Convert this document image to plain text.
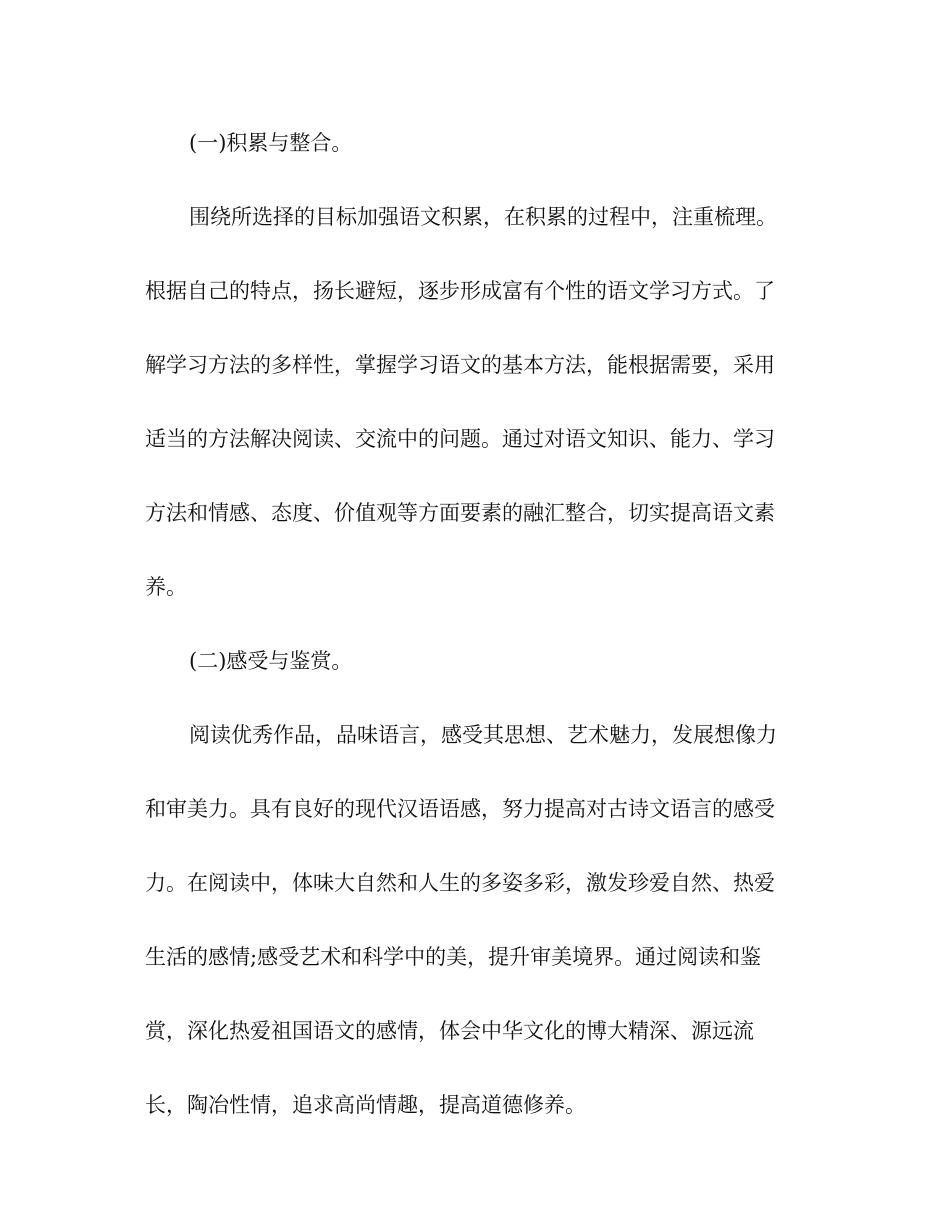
(一)积累与整合。
围绕所选择的目标加强语文积累，在积累的过程中，注重梳理。
根据自己的特点，扬长避短，逐步形成富有个性的语文学习方式。了
解学习方法的多样性，掌握学习语文的基本方法，能根据需要，采用
适当的方法解决阅读、交流中的问题。通过对语文知识、能力、学习
方法和情感、态度、价值观等方面要素的融汇整合，切实提高语文素
养。
(二)感受与鉴赏。
阅读优秀作品，品味语言，感受其思想、艺术魅力，发展想像力
和审美力。具有良好的现代汉语语感，努力提高对古诗文语言的感受
力。在阅读中，体味大自然和人生的多姿多彩，激发珍爱自然、热爱
生活的感情;感受艺术和科学中的美，提升审美境界。通过阅读和鉴
赏，深化热爱祖国语文的感情，体会中华文化的博大精深、源远流
长，陶冶性情，追求高尚情趣，提高道德修养。
